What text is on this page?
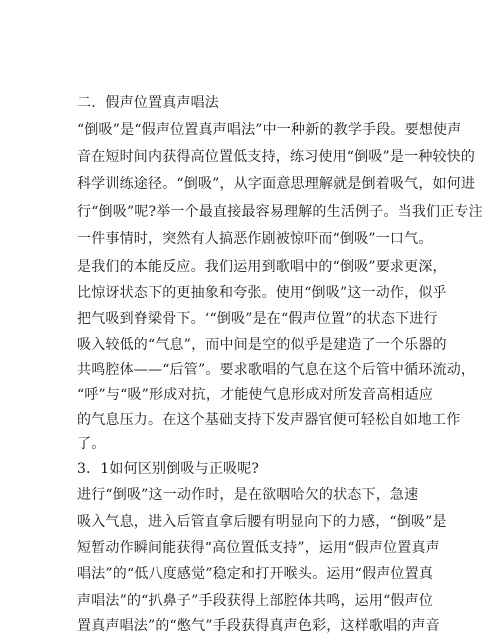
二．假声位置真声唱法
“倒吸”是“假声位置真声唱法”中一种新的教学手段。要想使声
音在短时间内获得高位置低支持，练习使用“倒吸”是一种较快的
科学训练途径。“倒吸”，从字面意思理解就是倒着吸气，如何进
行“倒吸”呢?举一个最直接最容易理解的生活例子。当我们正专注
一件事情时，突然有人搞恶作剧被惊吓而“倒吸”一口气。
是我们的本能反应。我们运用到歌唱中的“倒吸”要求更深，
比惊讶状态下的更抽象和夸张。使用“倒吸”这一动作，似乎
把气吸到脊梁骨下。‘“倒吸”是在“假声位置”的状态下进行
吸入较低的“气息”，而中间是空的似乎是建造了一个乐器的
共鸣腔体——“后管”。要求歌唱的气息在这个后管中循环流动，
“呼”与“吸”形成对抗，才能使气息形成对所发音高相适应
的气息压力。在这个基础支持下发声器官便可轻松自如地工作
了。
3．1如何区别倒吸与正吸呢?
进行“倒吸”这一动作时，是在欲咽哈欠的状态下，急速
吸入气息，进入后管直拿后腰有明显向下的力感，“倒吸”是
短暂动作瞬间能获得“高位置低支持”，运用“假声位置真声
唱法”的“低八度感觉”稳定和打开喉头。运用“假声位置真
声唱法”的“扒鼻子”手段获得上部腔体共鸣，运用“假声位
置真声唱法”的“憋气”手段获得真声色彩，这样歌唱的声音
